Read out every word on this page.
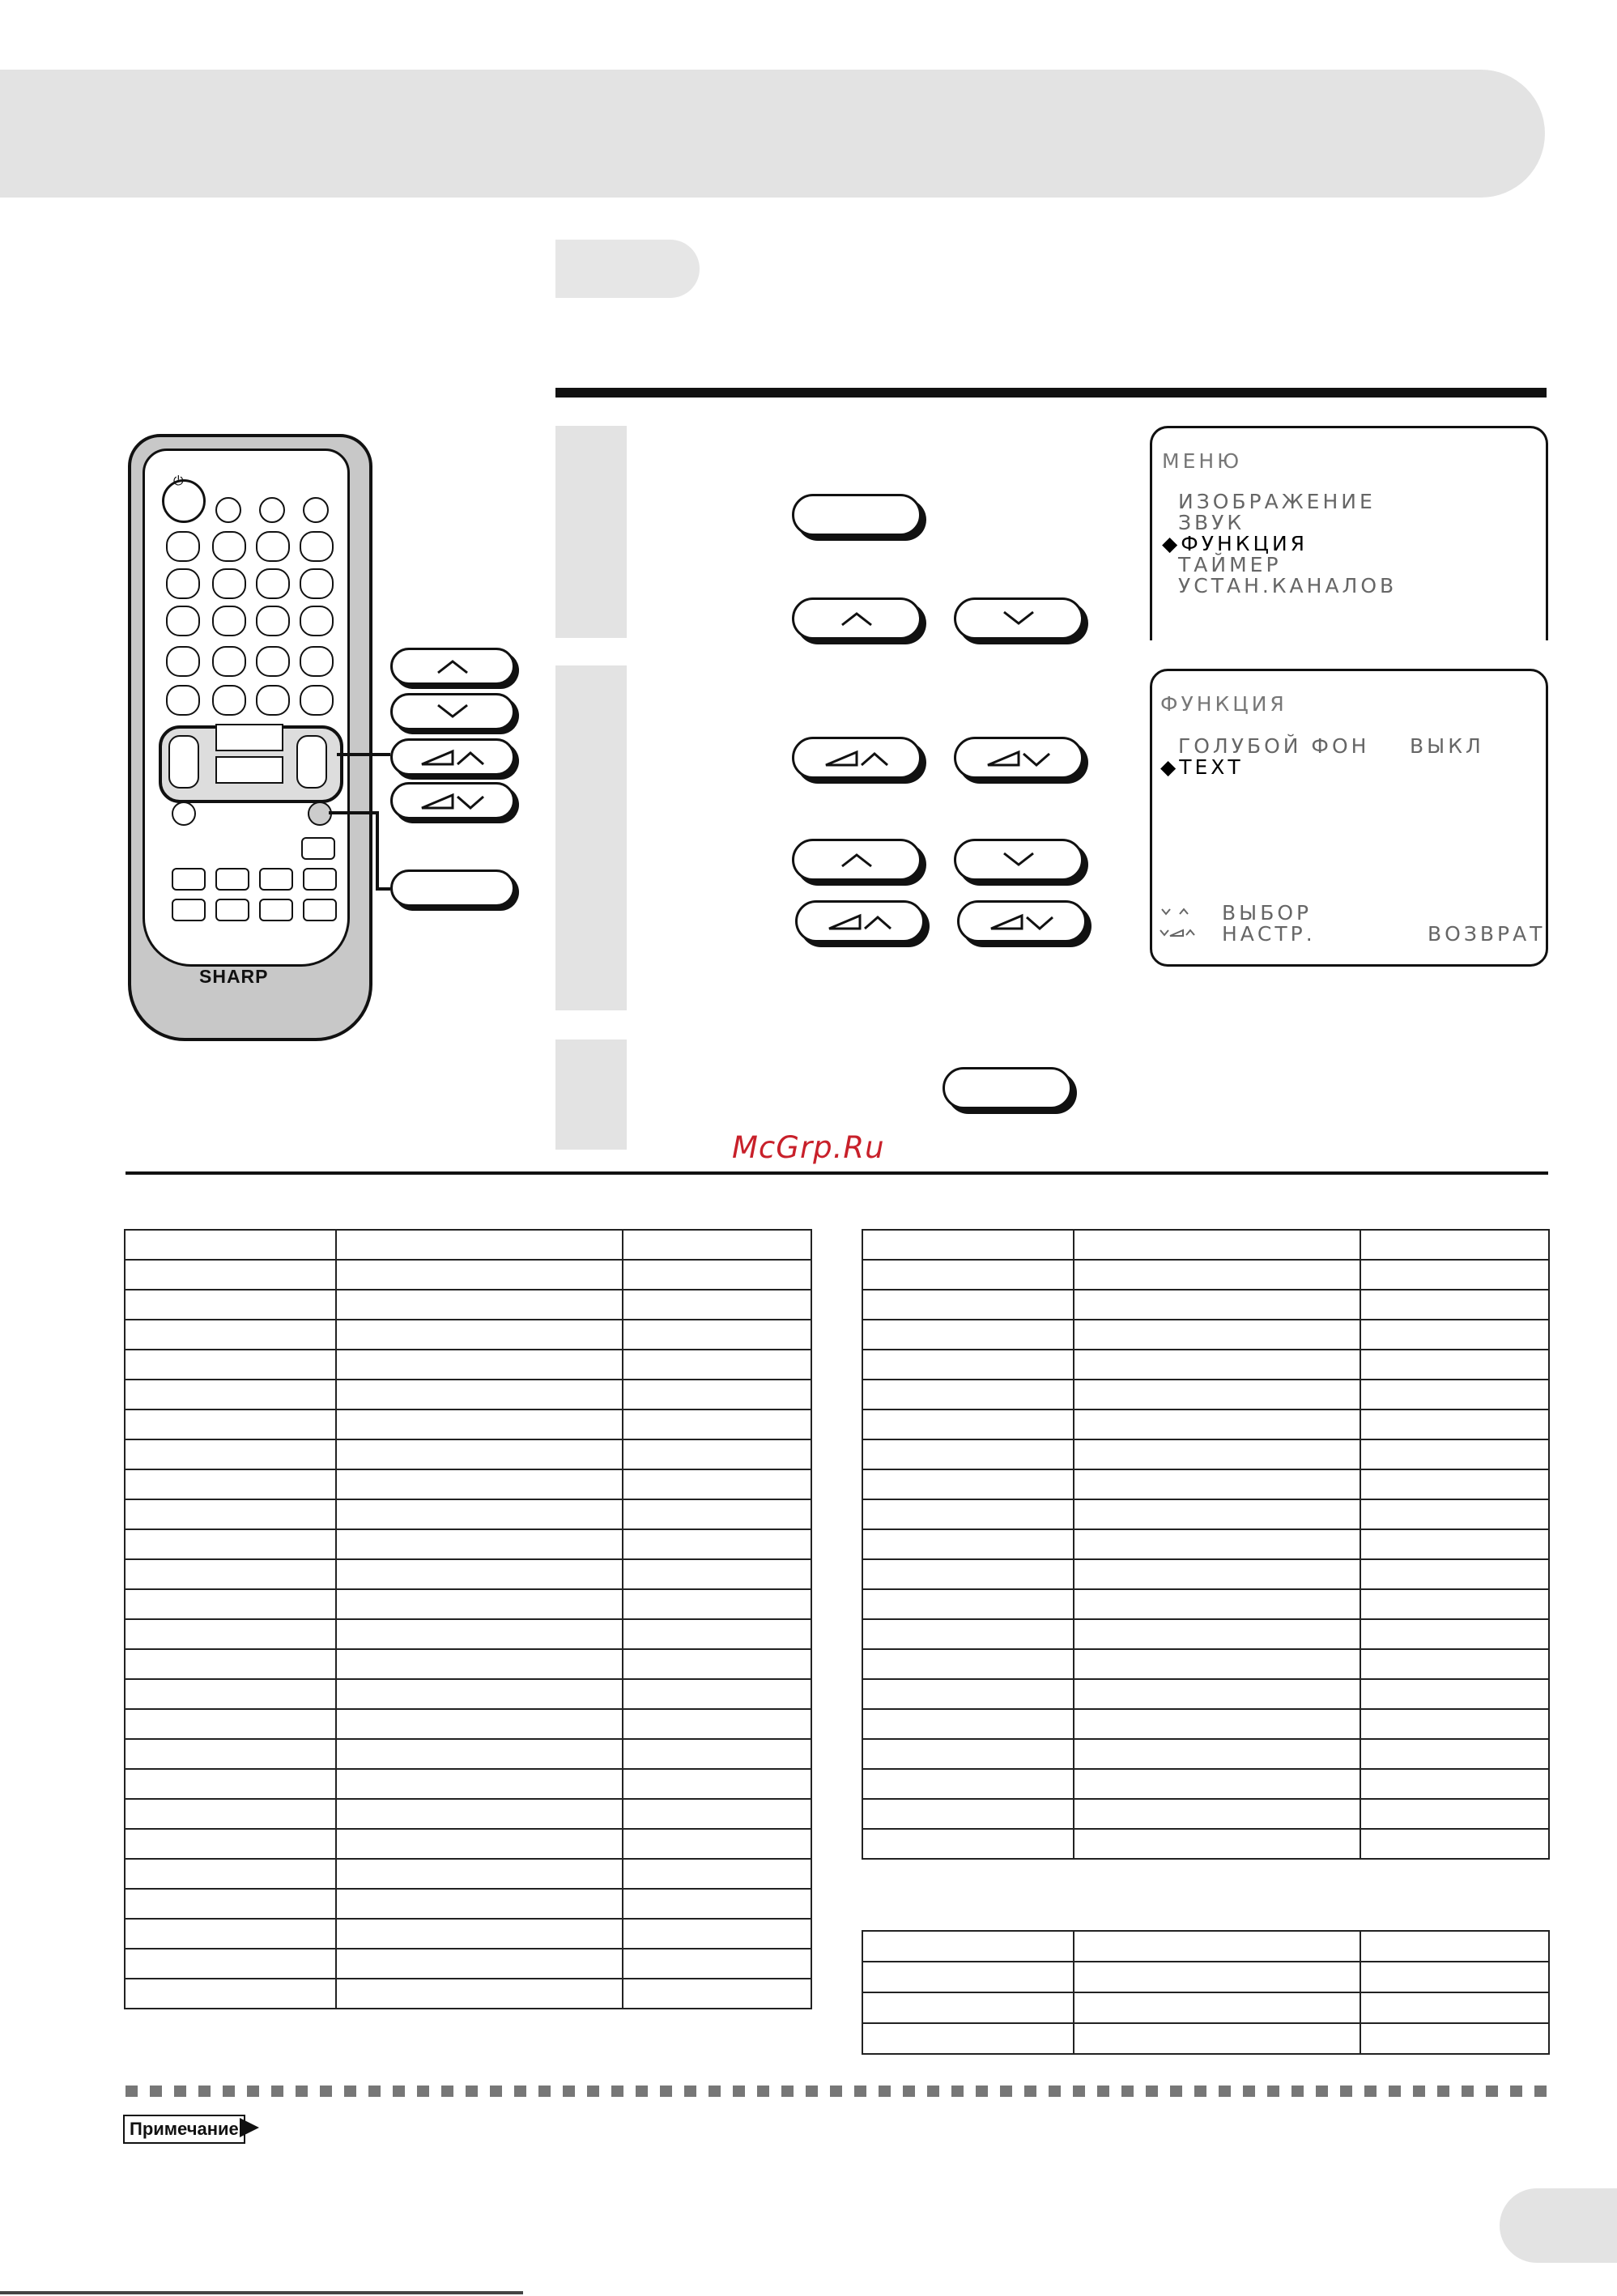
МЕНЮ
ИЗОБРАЖЕНИЕ
ЗВУК
◆ФУНКЦИЯ
ТАЙМЕР
УСТАН.КАНАЛОВ
ФУНКЦИЯ
ГОЛУБОЙ ФОН ВЫКЛ
◆ТЕХТ
ВЫБОР
НАСТР.	ВОЗВРАТ
McGrp.Ru
⏻
SHARP

Примечание
